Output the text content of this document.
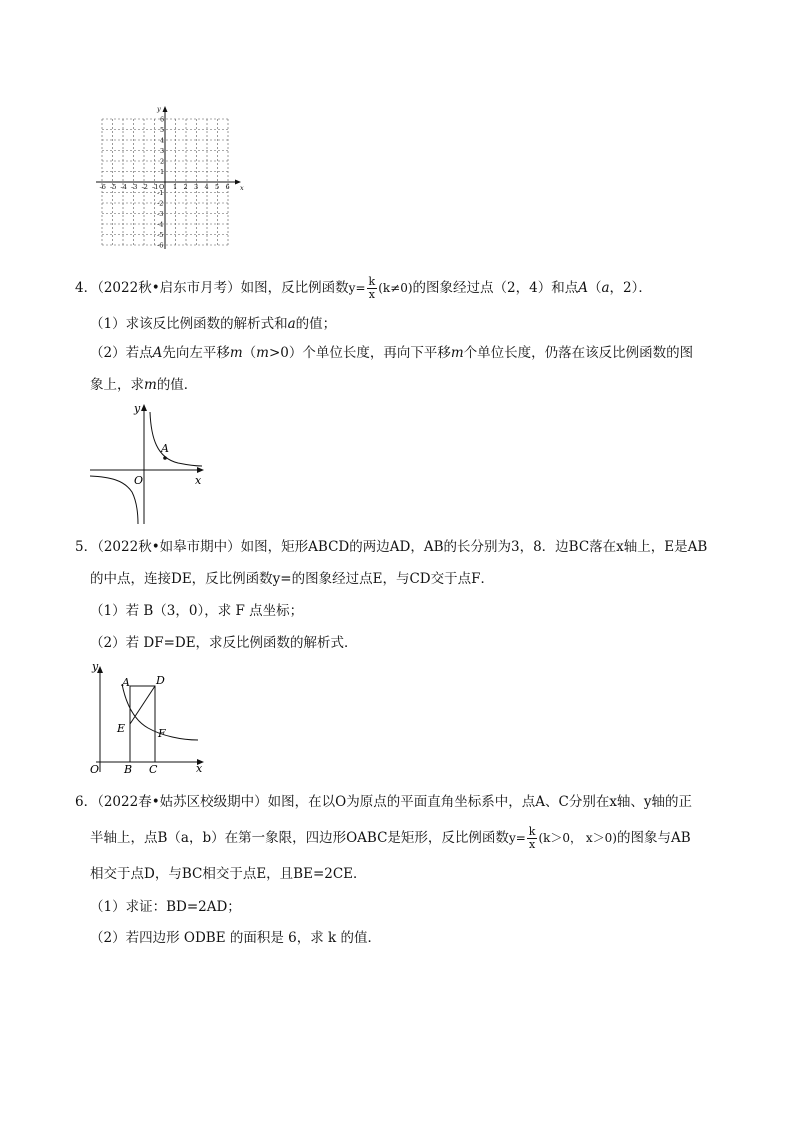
-6 -5 -4 -3 -2 -1 O 1 2 3 4 5 6
6
5
4
3
2
1
-1
-2
-3
-4
-5
-6
x
y
4．（2022秋•启东市月考）如图，反比例函数$y= \frac{k}{x} (k\ne 0)$的图象经过点（2，4）和点A（a，2）．
（1）求该反比例函数的解析式和a的值；
（2）若点A先向左平移m（m>0）个单位长度，再向下平移m个单位长度，仍落在该反比例函数的图
象上，求m的值．
y
x
O
A
5．（2022秋•如皋市期中）如图，矩形ABCD的两边AD，AB的长分别为3，8．边BC落在x轴上，E是AB
的中点，连接DE，反比例函数y=的图象经过点E，与CD交于点F．
（1）若 B（3，0），求 F 点坐标；
（2）若 DF=DE，求反比例函数的解析式．
y
x
O
A D
E	F
B C
6．（2022春•姑苏区校级期中）如图，在以O为原点的平面直角坐标系中，点A、C分别在x轴、y轴的正
半轴上，点B（a，b）在第一象限，四边形OABC是矩形，反比例函数$y= \frac{k}{x} (k>0$， x＞0)的图象与AB
相交于点D，与BC相交于点E，且BE=2CE．
（1）求证：BD=2AD；
（2）若四边形 ODBE 的面积是 6，求 k 的值．
